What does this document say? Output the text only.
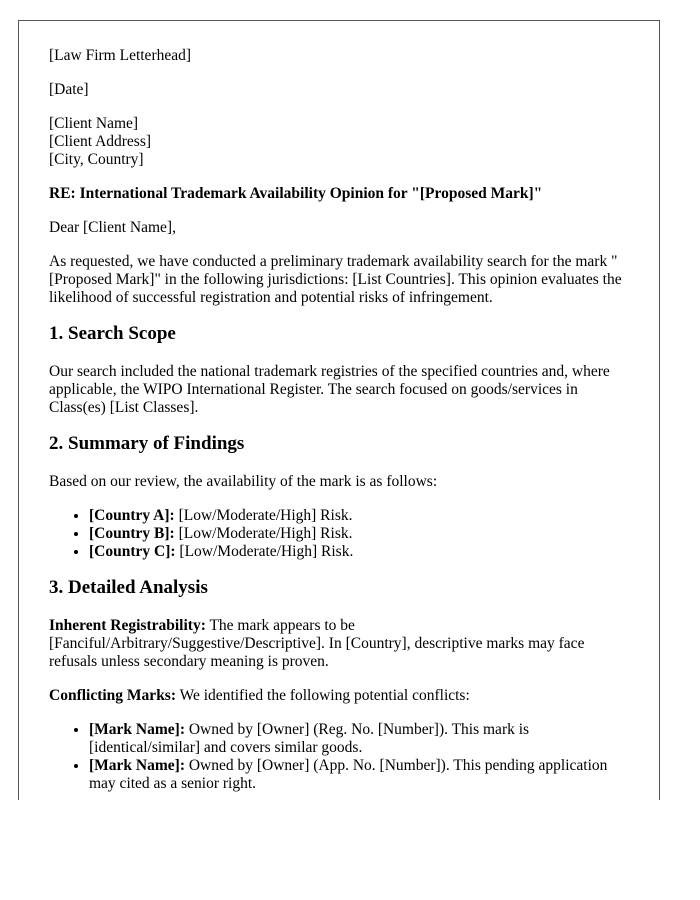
[Law Firm Letterhead]

[Date]

[Client Name]
[Client Address]
[City, Country]

RE: International Trademark Availability Opinion for "[Proposed Mark]"

Dear [Client Name],

As requested, we have conducted a preliminary trademark availability search for the mark "[Proposed Mark]" in the following jurisdictions: [List Countries]. This opinion evaluates the likelihood of successful registration and potential risks of infringement.

1. Search Scope

Our search included the national trademark registries of the specified countries and, where applicable, the WIPO International Register. The search focused on goods/services in Class(es) [List Classes].

2. Summary of Findings

Based on our review, the availability of the mark is as follows:

• [Country A]: [Low/Moderate/High] Risk.
• [Country B]: [Low/Moderate/High] Risk.
• [Country C]: [Low/Moderate/High] Risk.
3. Detailed Analysis

Inherent Registrability: The mark appears to be [Fanciful/Arbitrary/Suggestive/Descriptive]. In [Country], descriptive marks may face refusals unless secondary meaning is proven.

Conflicting Marks: We identified the following potential conflicts:

• [Mark Name]: Owned by [Owner] (Reg. No. [Number]). This mark is [identical/similar] and covers similar goods.
• [Mark Name]: Owned by [Owner] (App. No. [Number]). This pending application may cited as a senior right.
